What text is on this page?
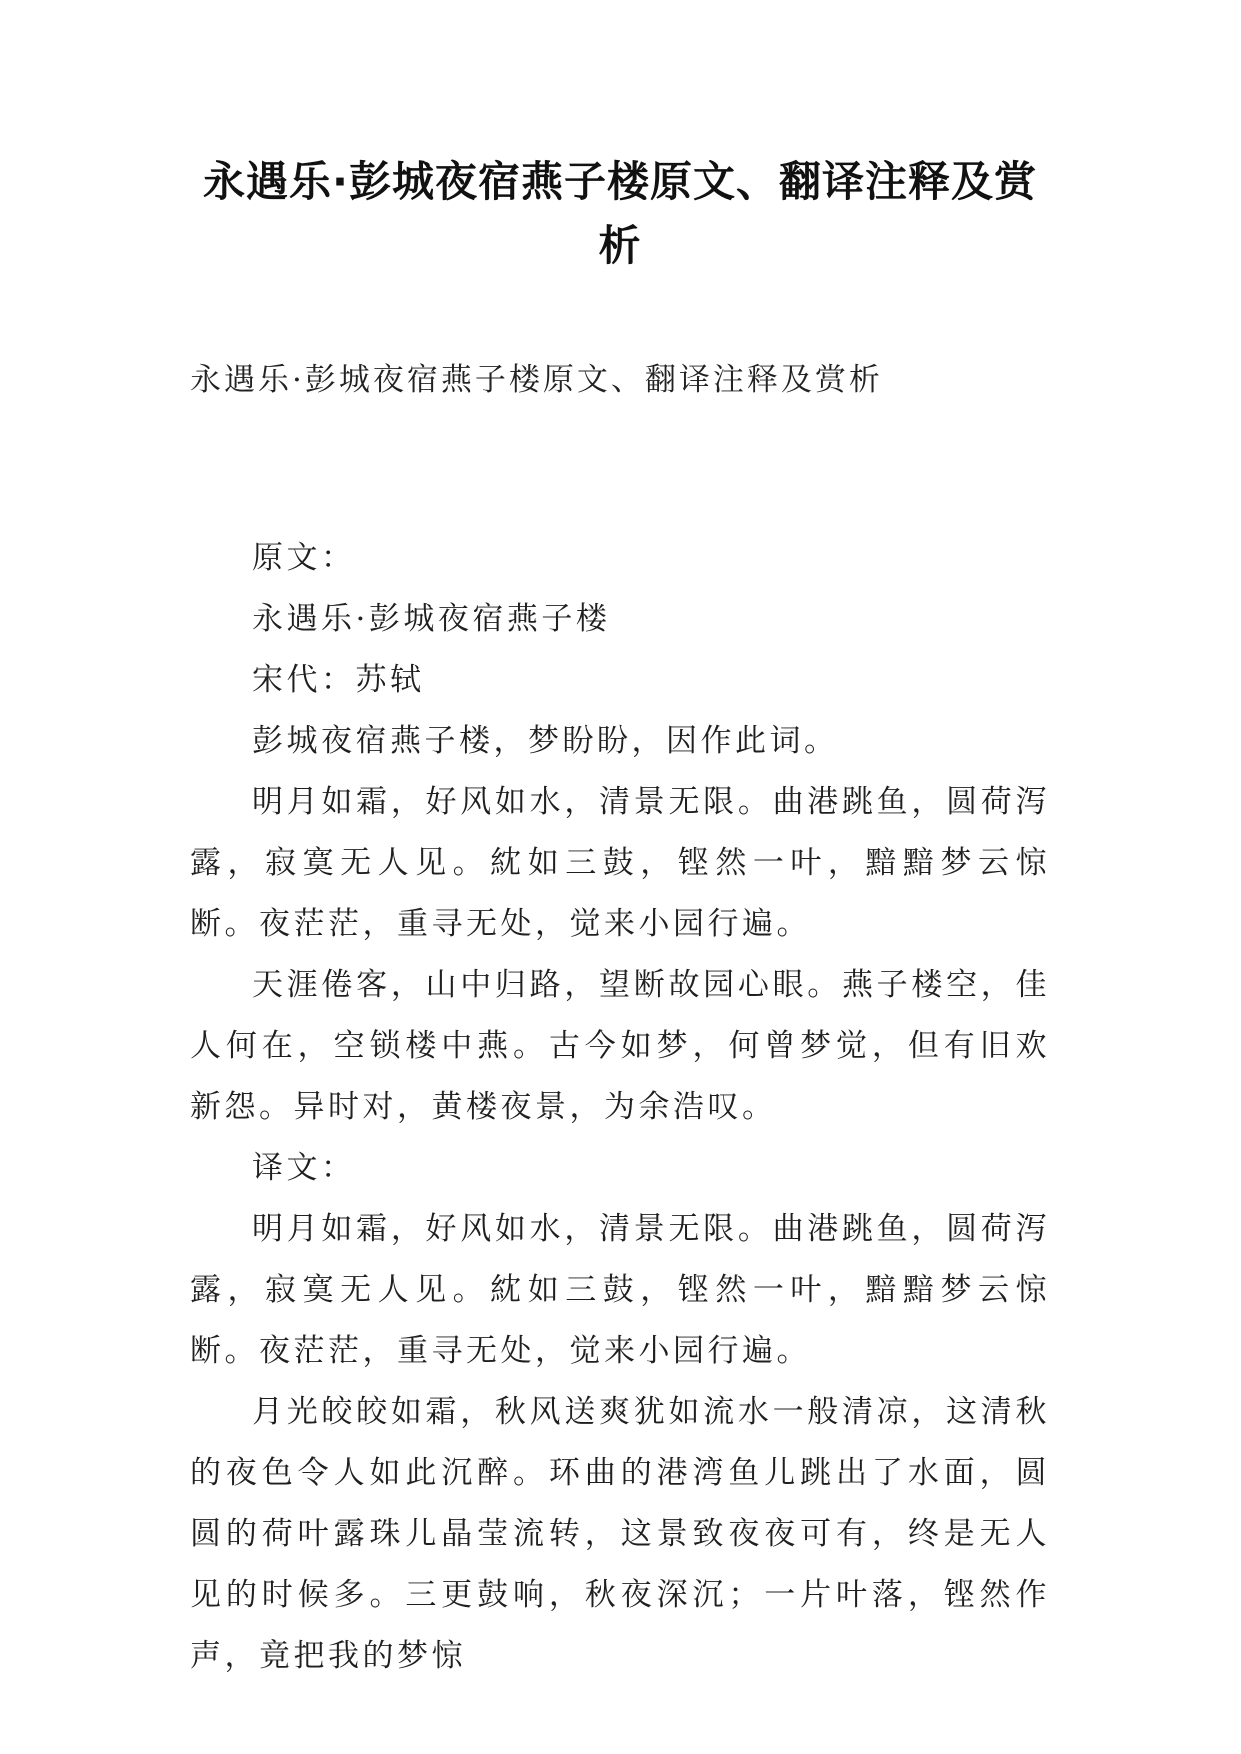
永遇乐·彭城夜宿燕子楼原文、翻译注释及赏析
永遇乐·彭城夜宿燕子楼原文、翻译注释及赏析

原文：

永遇乐·彭城夜宿燕子楼

宋代：苏轼

彭城夜宿燕子楼，梦盼盼，因作此词。

明月如霜，好风如水，清景无限。曲港跳鱼，圆荷泻露，寂寞无人见。紞如三鼓，铿然一叶，黯黯梦云惊断。夜茫茫，重寻无处，觉来小园行遍。

天涯倦客，山中归路，望断故园心眼。燕子楼空，佳人何在，空锁楼中燕。古今如梦，何曾梦觉，但有旧欢新怨。异时对，黄楼夜景，为余浩叹。

译文：

明月如霜，好风如水，清景无限。曲港跳鱼，圆荷泻露，寂寞无人见。紞如三鼓，铿然一叶，黯黯梦云惊断。夜茫茫，重寻无处，觉来小园行遍。

月光皎皎如霜，秋风送爽犹如流水一般清凉，这清秋的夜色令人如此沉醉。环曲的港湾鱼儿跳出了水面，圆圆的荷叶露珠儿晶莹流转，这景致夜夜可有，终是无人见的时候多。三更鼓响，秋夜深沉；一片叶落，铿然作声，竟把我的梦惊
